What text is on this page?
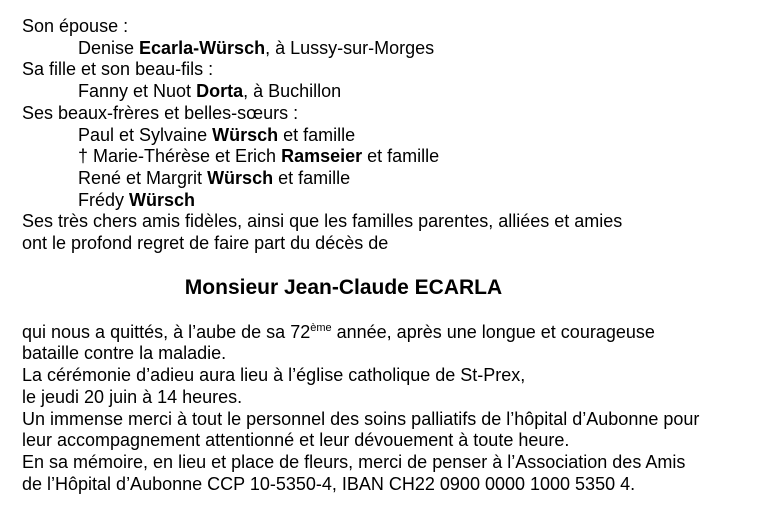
Son épouse :
Denise Ecarla-Würsch, à Lussy-sur-Morges
Sa fille et son beau-fils :
Fanny et Nuot Dorta, à Buchillon
Ses beaux-frères et belles-sœurs :
Paul et Sylvaine Würsch et famille
† Marie-Thérèse et Erich Ramseier et famille
René et Margrit Würsch et famille
Frédy Würsch
Ses très chers amis fidèles, ainsi que les familles parentes, alliées et amies
ont le profond regret de faire part du décès de
Monsieur Jean-Claude ECARLA
qui nous a quittés, à l’aube de sa 72ème année, après une longue et courageuse
bataille contre la maladie.
La cérémonie d’adieu aura lieu à l’église catholique de St-Prex,
le jeudi 20 juin à 14 heures.
Un immense merci à tout le personnel des soins palliatifs de l’hôpital d’Aubonne pour
leur accompagnement attentionné et leur dévouement à toute heure.
En sa mémoire, en lieu et place de fleurs, merci de penser à l’Association des Amis
de l’Hôpital d’Aubonne CCP 10-5350-4, IBAN CH22 0900 0000 1000 5350 4.
